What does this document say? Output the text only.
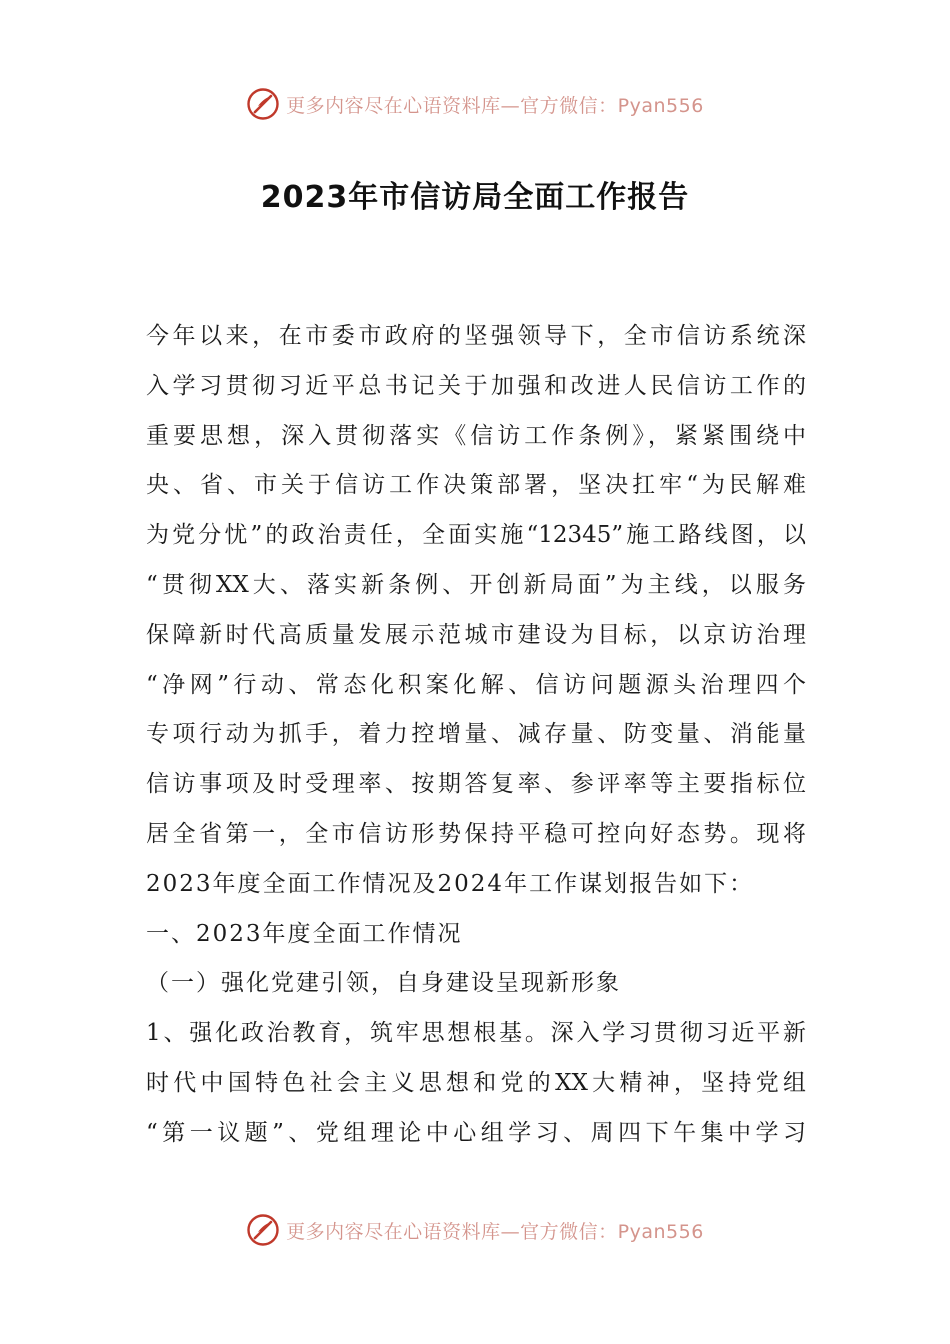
更多内容尽在心语资料库—官方微信：Pyan556
2023年市信访局全面工作报告
今年以来，在市委市政府的坚强领导下，全市信访系统深
入学习贯彻习近平总书记关于加强和改进人民信访工作的
重要思想，深入贯彻落实《信访工作条例》，紧紧围绕中
央、省、市关于信访工作决策部署，坚决扛牢“为民解难
为党分忧”的政治责任，全面实施“12345”施工路线图，以
“贯彻XX大、落实新条例、开创新局面”为主线，以服务
保障新时代高质量发展示范城市建设为目标，以京访治理
“净网”行动、常态化积案化解、信访问题源头治理四个
专项行动为抓手，着力控增量、减存量、防变量、消能量
信访事项及时受理率、按期答复率、参评率等主要指标位
居全省第一，全市信访形势保持平稳可控向好态势。现将
2023年度全面工作情况及2024年工作谋划报告如下：
一、2023年度全面工作情况
（一）强化党建引领，自身建设呈现新形象
1、强化政治教育，筑牢思想根基。深入学习贯彻习近平新
时代中国特色社会主义思想和党的XX大精神，坚持党组
“第一议题”、党组理论中心组学习、周四下午集中学习
更多内容尽在心语资料库—官方微信：Pyan556
